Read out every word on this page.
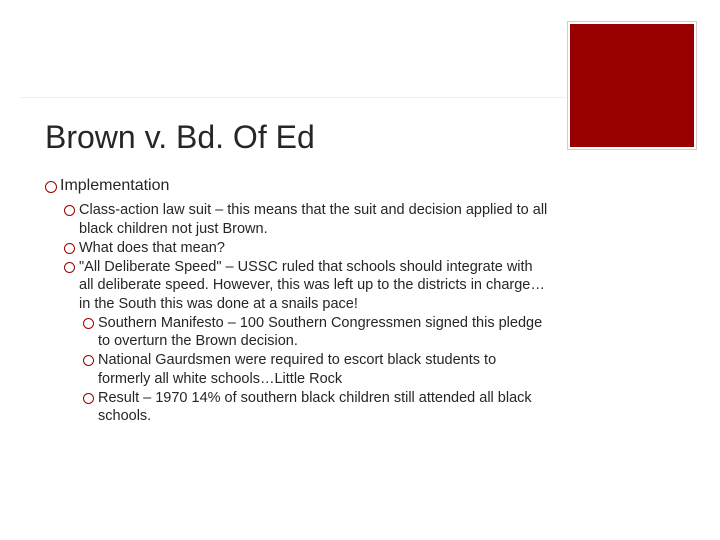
Brown v. Bd. Of Ed
Implementation
Class-action law suit – this means that the suit and decision applied to all black children not just Brown.
What does that mean?
"All Deliberate Speed" – USSC ruled that schools should integrate with all deliberate speed. However, this was left up to the districts in charge…in the South this was done at a snails pace!
Southern Manifesto – 100 Southern Congressmen signed this pledge to overturn the Brown decision.
National Gaurdsmen were required to escort black students to formerly all white schools…Little Rock
Result – 1970 14% of southern black children still attended all black schools.
